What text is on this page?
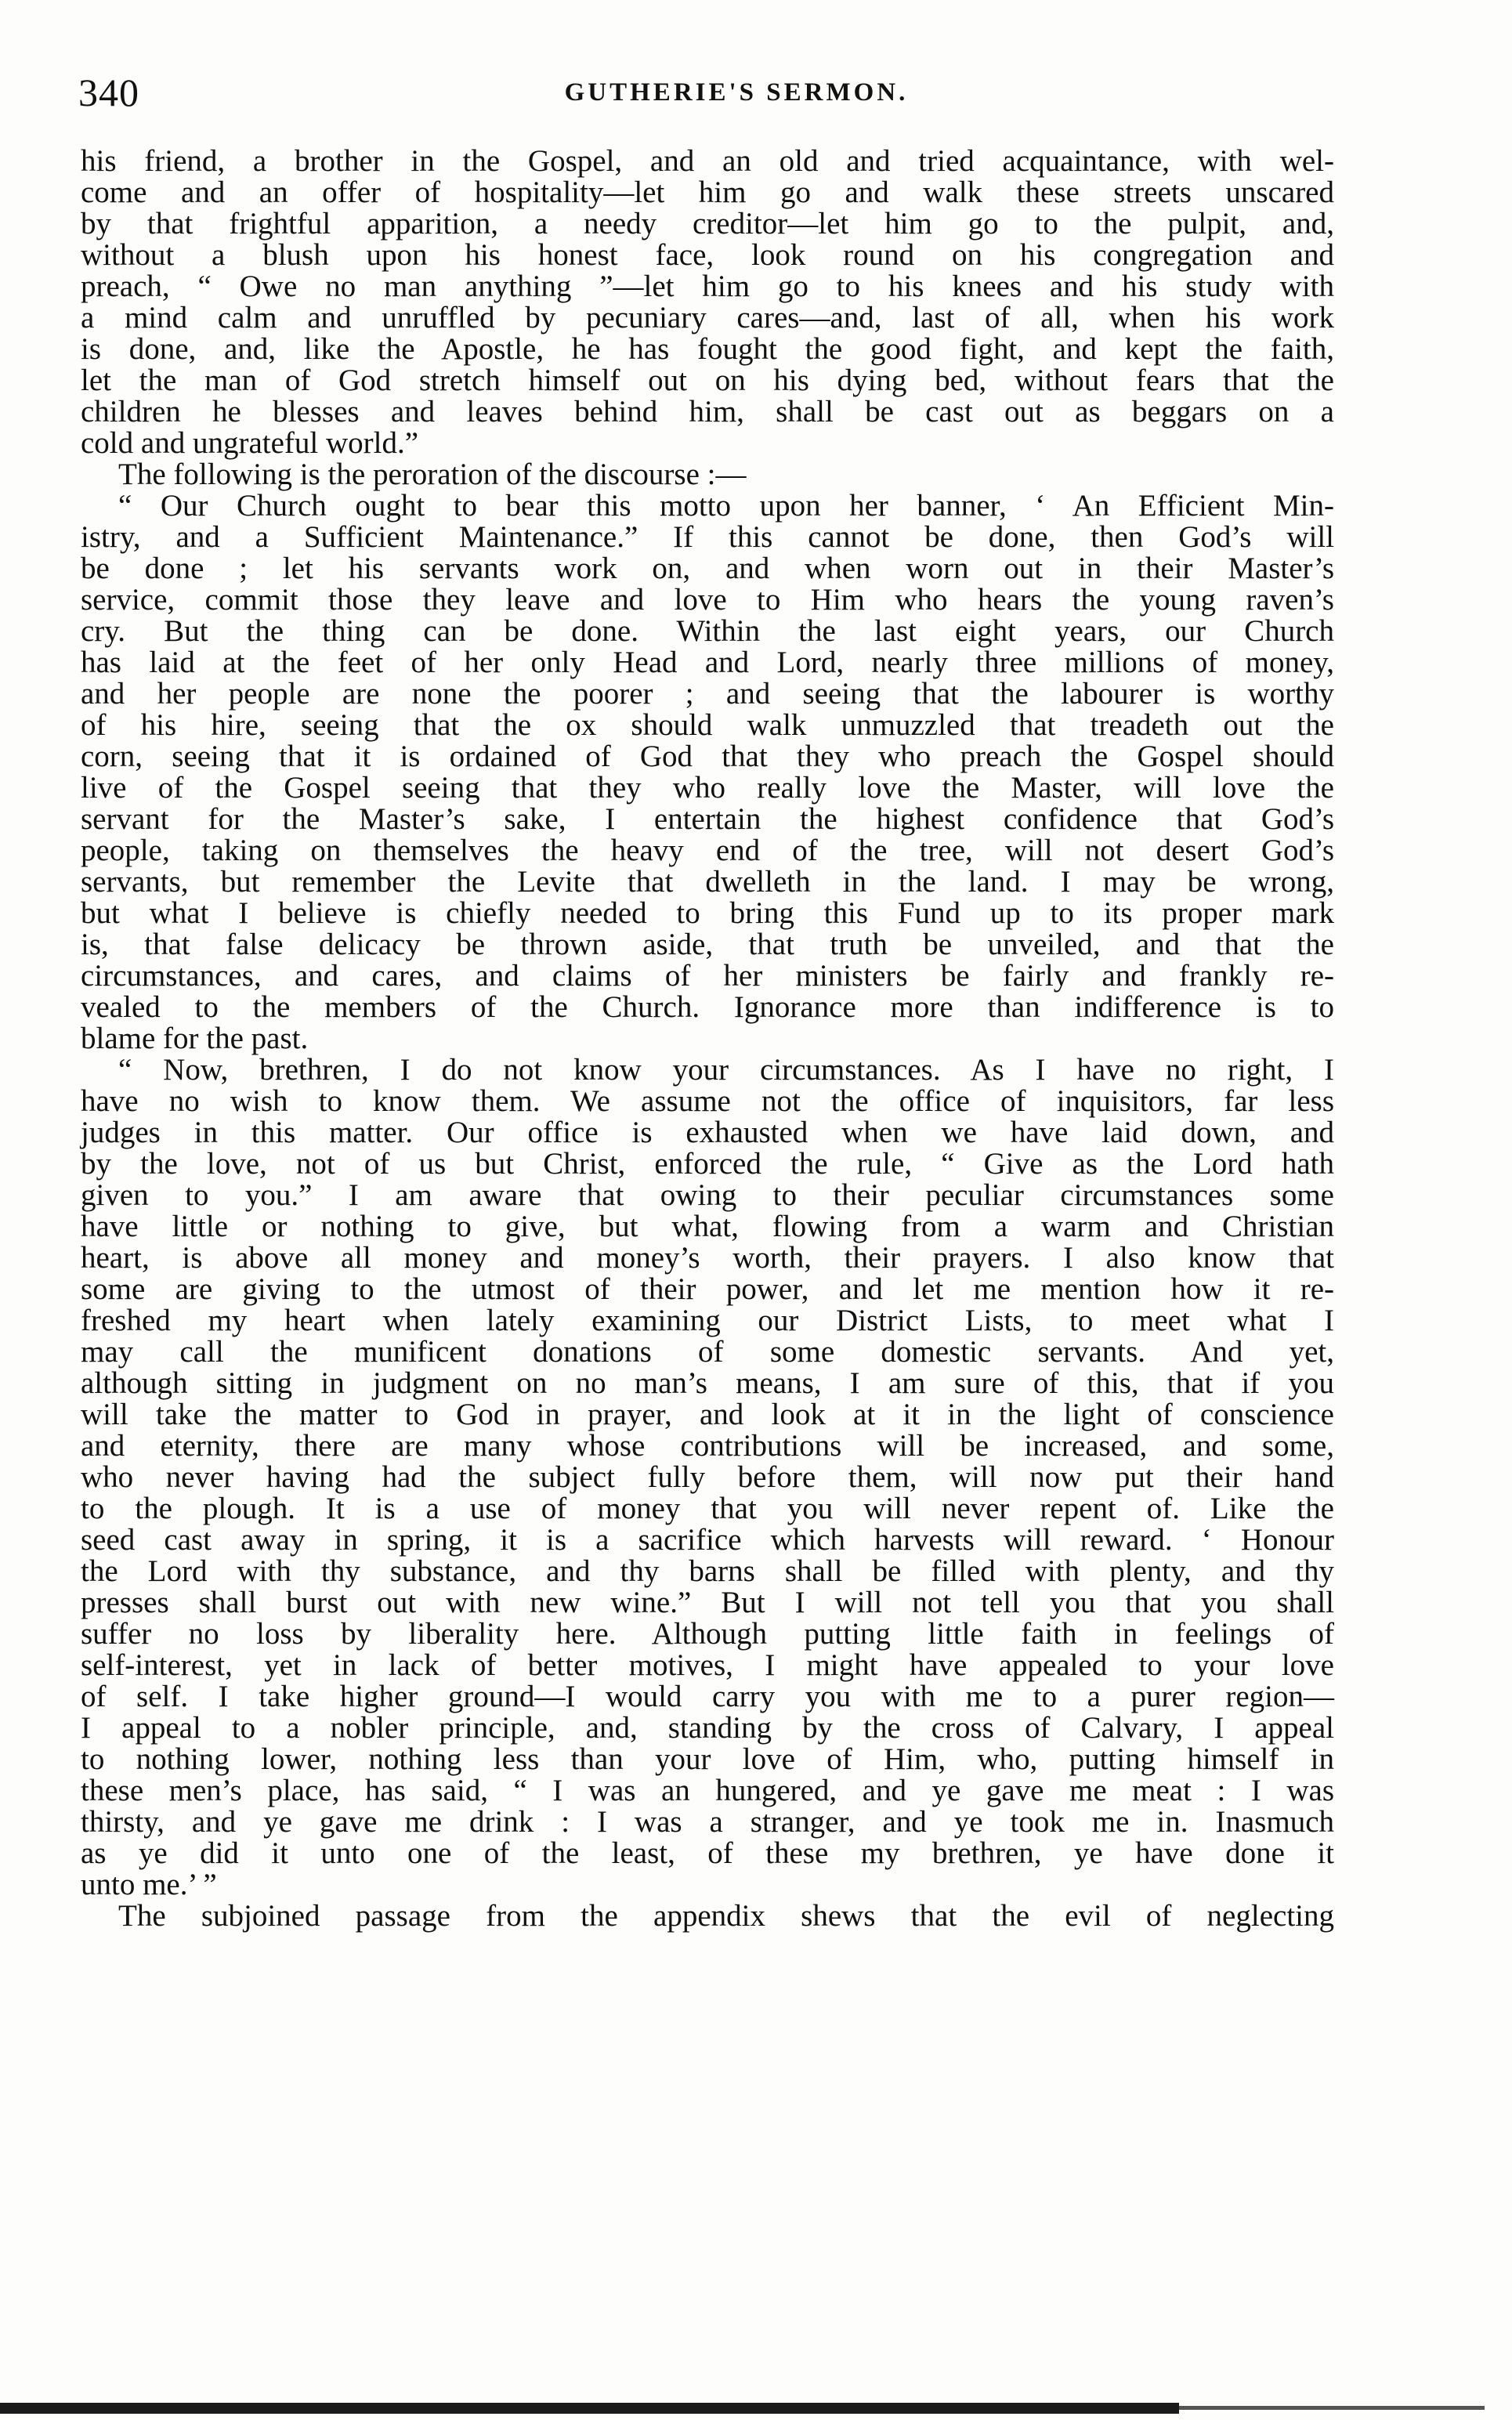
340	GUTHERIE'S SERMON.
his friend, a brother in the Gospel, and an old and tried acquaintance, with wel-
come and an offer of hospitality—let him go and walk these streets unscared
by that frightful apparition, a needy creditor—let him go to the pulpit, and,
without a blush upon his honest face, look round on his congregation and
preach, “ Owe no man anything ”—let him go to his knees and his study with
a mind calm and unruffled by pecuniary cares—and, last of all, when his work
is done, and, like the Apostle, he has fought the good fight, and kept the faith,
let the man of God stretch himself out on his dying bed, without fears that the
children he blesses and leaves behind him, shall be cast out as beggars on a
cold and ungrateful world.”
The following is the peroration of the discourse :—
“ Our Church ought to bear this motto upon her banner, ‘ An Efficient Min-
istry, and a Sufficient Maintenance.” If this cannot be done, then God’s will
be done ; let his servants work on, and when worn out in their Master’s
service, commit those they leave and love to Him who hears the young raven’s
cry. But the thing can be done. Within the last eight years, our Church
has laid at the feet of her only Head and Lord, nearly three millions of money,
and her people are none the poorer ; and seeing that the labourer is worthy
of his hire, seeing that the ox should walk unmuzzled that treadeth out the
corn, seeing that it is ordained of God that they who preach the Gospel should
live of the Gospel seeing that they who really love the Master, will love the
servant for the Master’s sake, I entertain the highest confidence that God’s
people, taking on themselves the heavy end of the tree, will not desert God’s
servants, but remember the Levite that dwelleth in the land. I may be wrong,
but what I believe is chiefly needed to bring this Fund up to its proper mark
is, that false delicacy be thrown aside, that truth be unveiled, and that the
circumstances, and cares, and claims of her ministers be fairly and frankly re-
vealed to the members of the Church. Ignorance more than indifference is to
blame for the past.
“ Now, brethren, I do not know your circumstances. As I have no right, I
have no wish to know them. We assume not the office of inquisitors, far less
judges in this matter. Our office is exhausted when we have laid down, and
by the love, not of us but Christ, enforced the rule, “ Give as the Lord hath
given to you.” I am aware that owing to their peculiar circumstances some
have little or nothing to give, but what, flowing from a warm and Christian
heart, is above all money and money’s worth, their prayers. I also know that
some are giving to the utmost of their power, and let me mention how it re-
freshed my heart when lately examining our District Lists, to meet what I
may call the munificent donations of some domestic servants. And yet,
although sitting in judgment on no man’s means, I am sure of this, that if you
will take the matter to God in prayer, and look at it in the light of conscience
and eternity, there are many whose contributions will be increased, and some,
who never having had the subject fully before them, will now put their hand
to the plough. It is a use of money that you will never repent of. Like the
seed cast away in spring, it is a sacrifice which harvests will reward. ‘ Honour
the Lord with thy substance, and thy barns shall be filled with plenty, and thy
presses shall burst out with new wine.” But I will not tell you that you shall
suffer no loss by liberality here. Although putting little faith in feelings of
self-interest, yet in lack of better motives, I might have appealed to your love
of self. I take higher ground—I would carry you with me to a purer region—
I appeal to a nobler principle, and, standing by the cross of Calvary, I appeal
to nothing lower, nothing less than your love of Him, who, putting himself in
these men’s place, has said, “ I was an hungered, and ye gave me meat : I was
thirsty, and ye gave me drink : I was a stranger, and ye took me in. Inasmuch
as ye did it unto one of the least, of these my brethren, ye have done it
unto me.’ ”
The subjoined passage from the appendix shews that the evil of neglecting
